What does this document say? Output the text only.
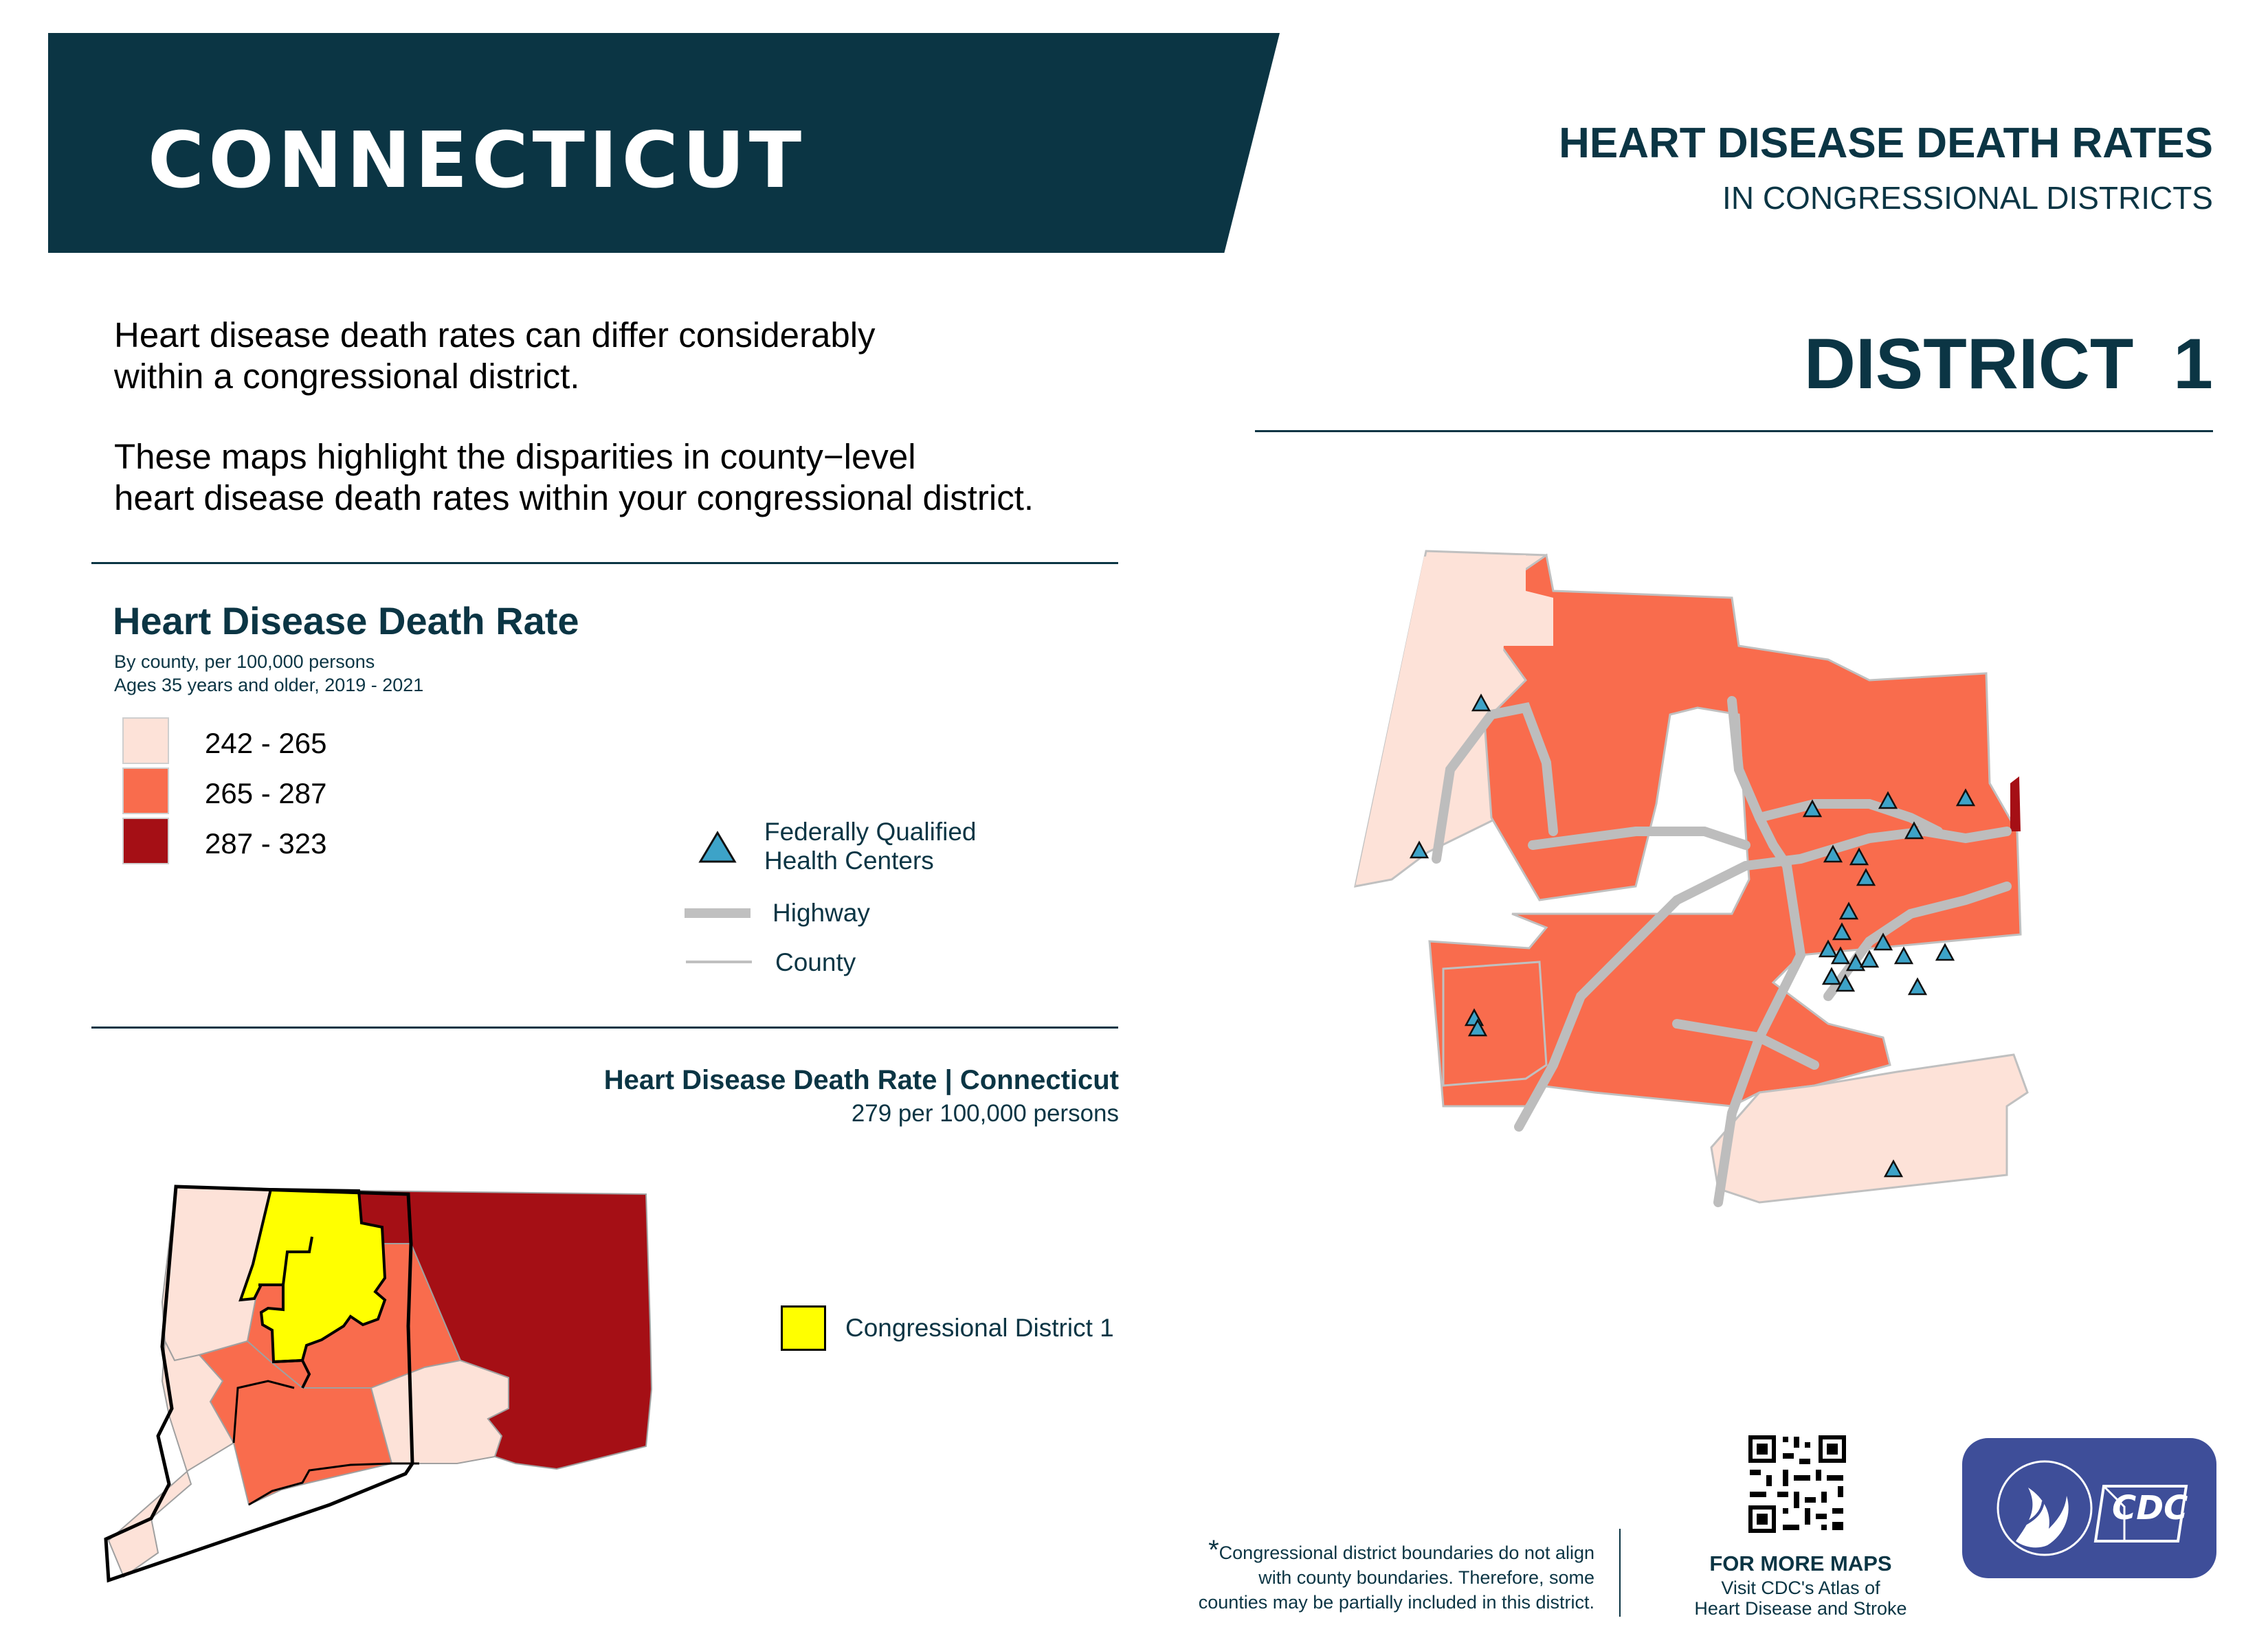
CONNECTICUT	HEART DISEASE DEATH RATES
IN CONGRESSIONAL DISTRICTS
DISTRICT  1
Heart disease death rates can differ considerably
within a congressional district.
These maps highlight the disparities in county−level
heart disease death rates within your congressional district.
Heart Disease Death Rate
By county, per 100,000 persons
Ages 35 years and older, 2019 - 2021
242 - 265
265 - 287
287 - 323	Federally Qualified
Health Centers
Highway
County
Heart Disease Death Rate | Connecticut
279 per 100,000 persons
Congressional District 1
*Congressional district boundaries do not align
with county boundaries. Therefore, some
counties may be partially included in this district.
FOR MORE MAPS
Visit CDC's Atlas of
Heart Disease and Stroke
CDC
